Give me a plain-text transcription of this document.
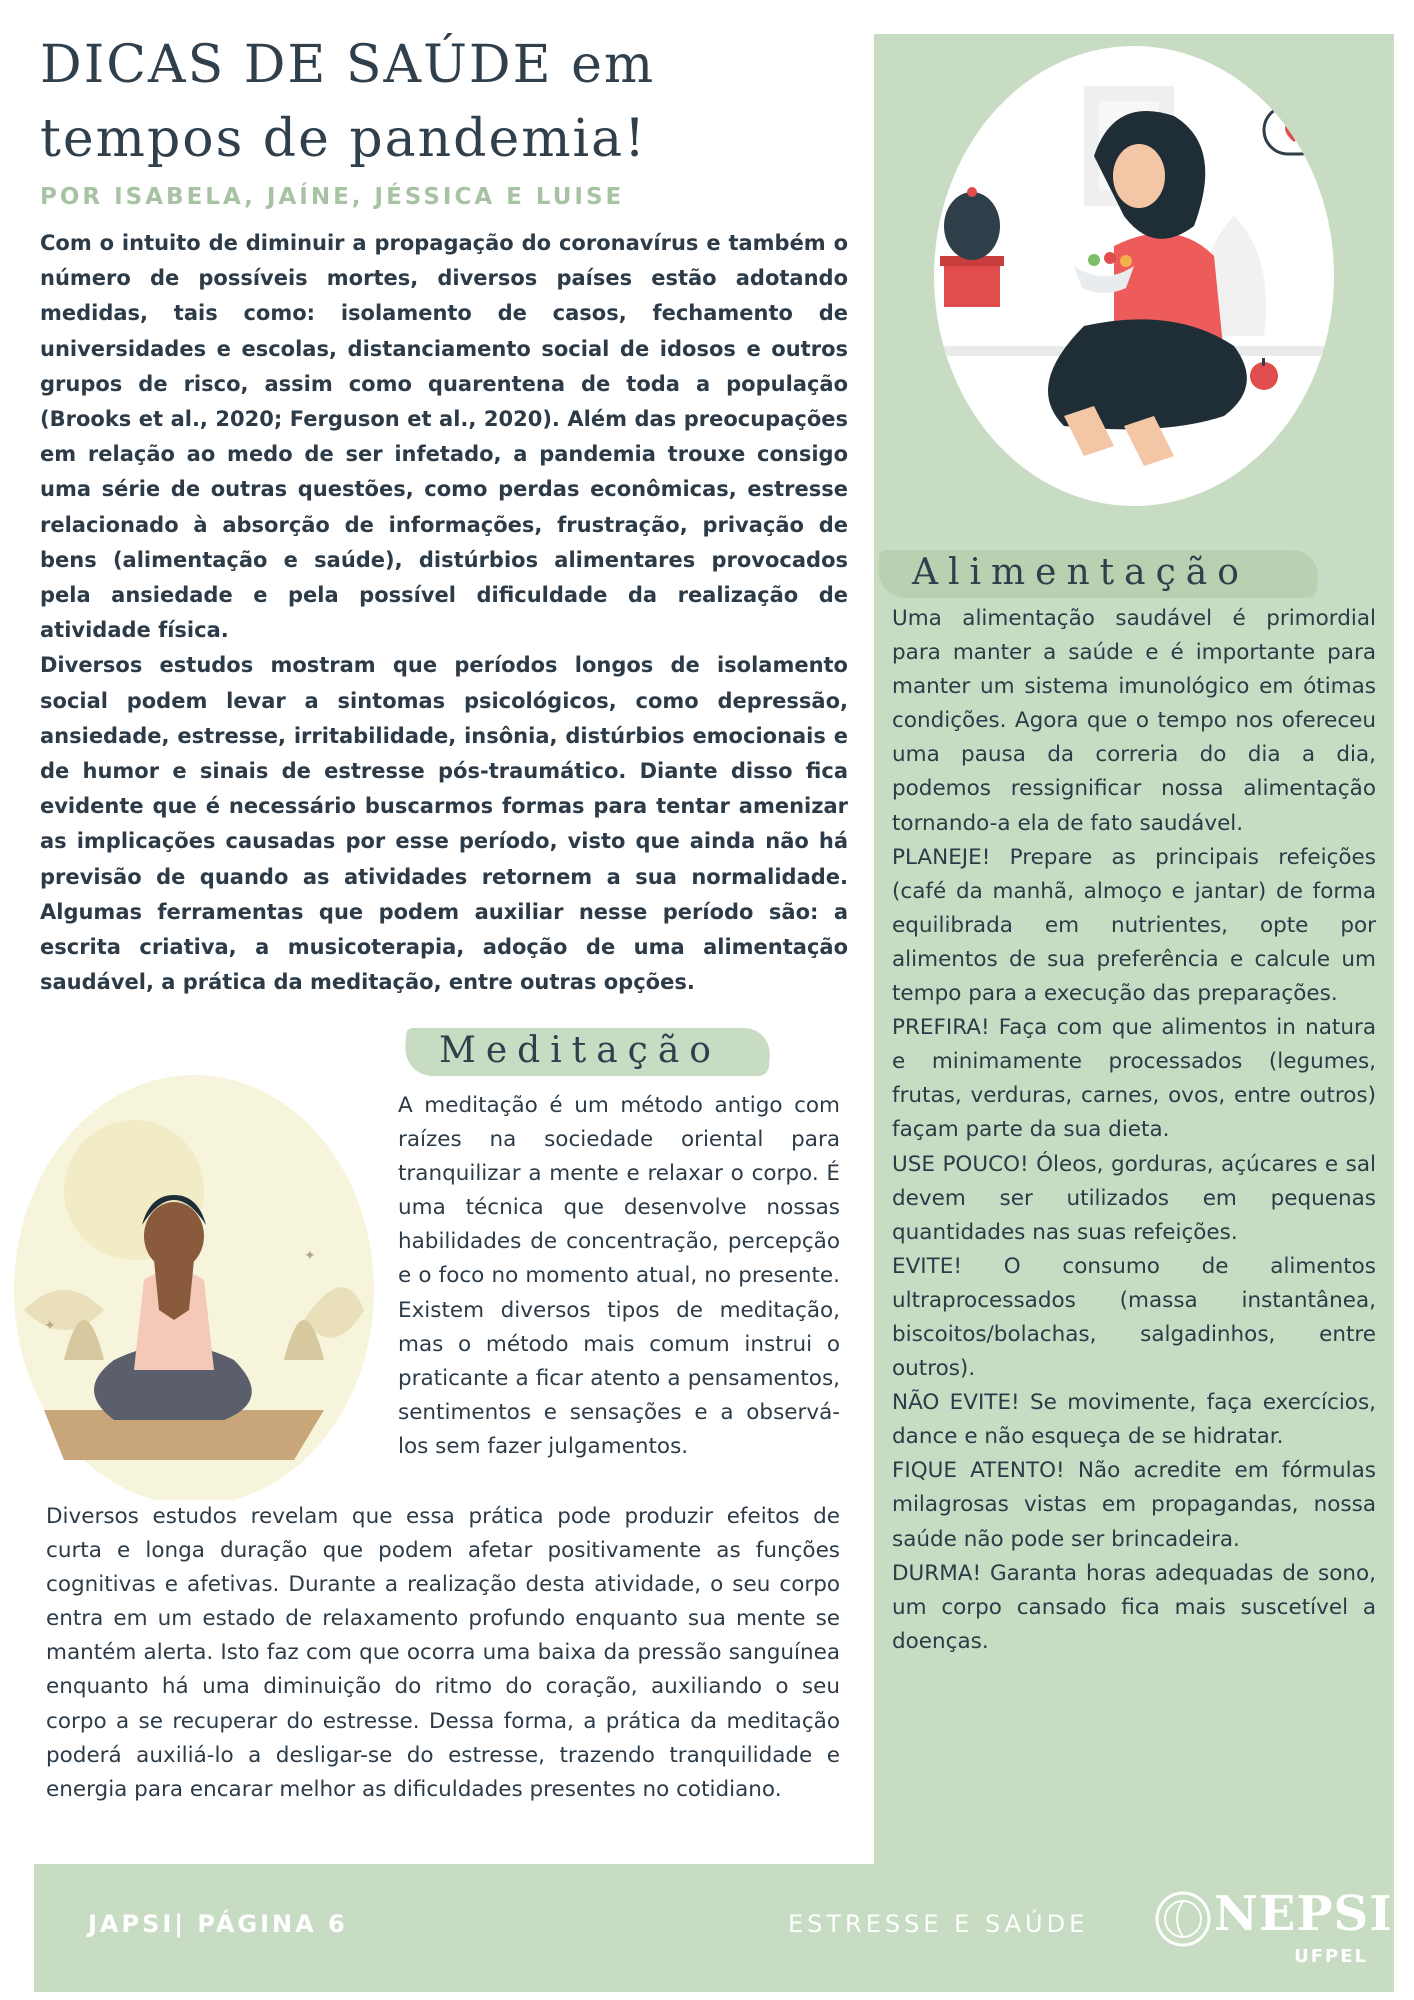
DICAS DE SAÚDE em
tempos de pandemia!
POR ISABELA, JAÍNE, JÉSSICA E LUISE

Com o intuito de diminuir a propagação do coronavírus e também o número de possíveis mortes, diversos países estão adotando medidas, tais como: isolamento de casos, fechamento de universidades e escolas, distanciamento social de idosos e outros grupos de risco, assim como quarentena de toda a população (Brooks et al., 2020; Ferguson et al., 2020). Além das preocupações em relação ao medo de ser infetado, a pandemia trouxe consigo uma série de outras questões, como perdas econômicas, estresse relacionado à absorção de informações, frustração, privação de bens (alimentação e saúde), distúrbios alimentares provocados pela ansiedade e pela possível dificuldade da realização de atividade física.

Diversos estudos mostram que períodos longos de isolamento social podem levar a sintomas psicológicos, como depressão, ansiedade, estresse, irritabilidade, insônia, distúrbios emocionais e de humor e sinais de estresse pós-traumático. Diante disso fica evidente que é necessário buscarmos formas para tentar amenizar as implicações causadas por esse período, visto que ainda não há previsão de quando as atividades retornem a sua normalidade. Algumas ferramentas que podem auxiliar nesse período são: a escrita criativa, a musicoterapia, adoção de uma alimentação saudável, a prática da meditação, entre outras opções.

Alimentação

Uma alimentação saudável é primordial para manter a saúde e é importante para manter um sistema imunológico em ótimas condições. Agora que o tempo nos ofereceu uma pausa da correria do dia a dia, podemos ressignificar nossa alimentação tornando-a ela de fato saudável.

PLANEJE! Prepare as principais refeições (café da manhã, almoço e jantar) de forma equilibrada em nutrientes, opte por alimentos de sua preferência e calcule um tempo para a execução das preparações.

PREFIRA! Faça com que alimentos in natura e minimamente processados (legumes, frutas, verduras, carnes, ovos, entre outros) façam parte da sua dieta.

USE POUCO! Óleos, gorduras, açúcares e sal devem ser utilizados em pequenas quantidades nas suas refeições.

EVITE! O consumo de alimentos ultraprocessados (massa instantânea, biscoitos/bolachas, salgadinhos, entre outros).

NÃO EVITE! Se movimente, faça exercícios, dance e não esqueça de se hidratar.

FIQUE ATENTO! Não acredite em fórmulas milagrosas vistas em propagandas, nossa saúde não pode ser brincadeira.

DURMA! Garanta horas adequadas de sono, um corpo cansado fica mais suscetível a doenças.

Meditação
✦
✦

A meditação é um método antigo com raízes na sociedade oriental para tranquilizar a mente e relaxar o corpo. É uma técnica que desenvolve nossas habilidades de concentração, percepção e o foco no momento atual, no presente. Existem diversos tipos de meditação, mas o método mais comum instrui o praticante a ficar atento a pensamentos, sentimentos e sensações e a observá-los sem fazer julgamentos.

Diversos estudos revelam que essa prática pode produzir efeitos de curta e longa duração que podem afetar positivamente as funções cognitivas e afetivas. Durante a realização desta atividade, o seu corpo entra em um estado de relaxamento profundo enquanto sua mente se mantém alerta. Isto faz com que ocorra uma baixa da pressão sanguínea enquanto há uma diminuição do ritmo do coração, auxiliando o seu corpo a se recuperar do estresse. Dessa forma, a prática da meditação poderá auxiliá-lo a desligar-se do estresse, trazendo tranquilidade e energia para encarar melhor as dificuldades presentes no cotidiano.

JAPSI| PÁGINA 6	ESTRESSE E SAÚDE	NEPSI
UFPEL
